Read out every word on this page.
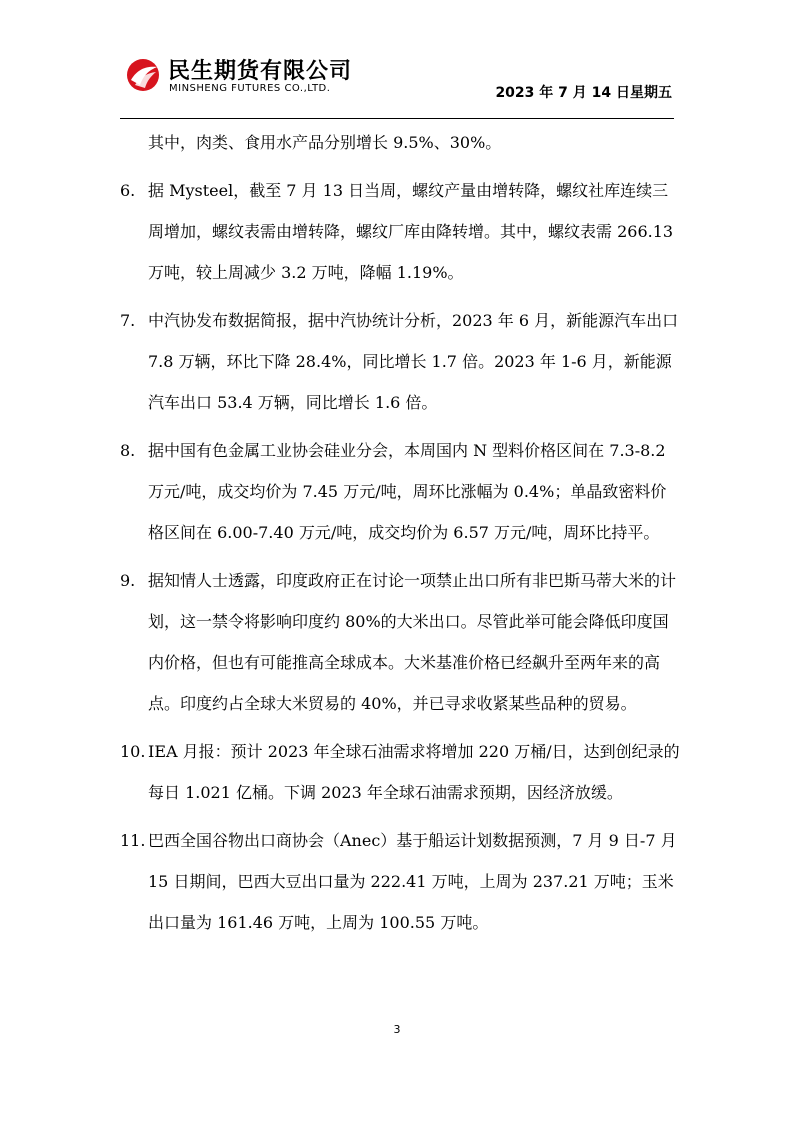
民生期货有限公司
MINSHENG FUTURES CO.,LTD.	2023 年 7 月 14 日星期五
其中，肉类、食用水产品分别增长 9.5%、30%。
6. 据 Mysteel，截至 7 月 13 日当周，螺纹产量由增转降，螺纹社库连续三周增加，螺纹表需由增转降，螺纹厂库由降转增。其中，螺纹表需 266.13 万吨，较上周减少 3.2 万吨，降幅 1.19%。
7. 中汽协发布数据简报，据中汽协统计分析，2023 年 6 月，新能源汽车出口 7.8 万辆，环比下降 28.4%，同比增长 1.7 倍。2023 年 1-6 月，新能源汽车出口 53.4 万辆，同比增长 1.6 倍。
8. 据中国有色金属工业协会硅业分会，本周国内 N 型料价格区间在 7.3-8.2 万元/吨，成交均价为 7.45 万元/吨，周环比涨幅为 0.4%；单晶致密料价格区间在 6.00-7.40 万元/吨，成交均价为 6.57 万元/吨，周环比持平。
9. 据知情人士透露，印度政府正在讨论一项禁止出口所有非巴斯马蒂大米的计划，这一禁令将影响印度约 80%的大米出口。尽管此举可能会降低印度国内价格，但也有可能推高全球成本。大米基准价格已经飙升至两年来的高点。印度约占全球大米贸易的 40%，并已寻求收紧某些品种的贸易。
10. IEA 月报：预计 2023 年全球石油需求将增加 220 万桶/日，达到创纪录的每日 1.021 亿桶。下调 2023 年全球石油需求预期，因经济放缓。
11. 巴西全国谷物出口商协会（Anec）基于船运计划数据预测，7 月 9 日-7 月 15 日期间，巴西大豆出口量为 222.41 万吨，上周为 237.21 万吨；玉米出口量为 161.46 万吨，上周为 100.55 万吨。
3
